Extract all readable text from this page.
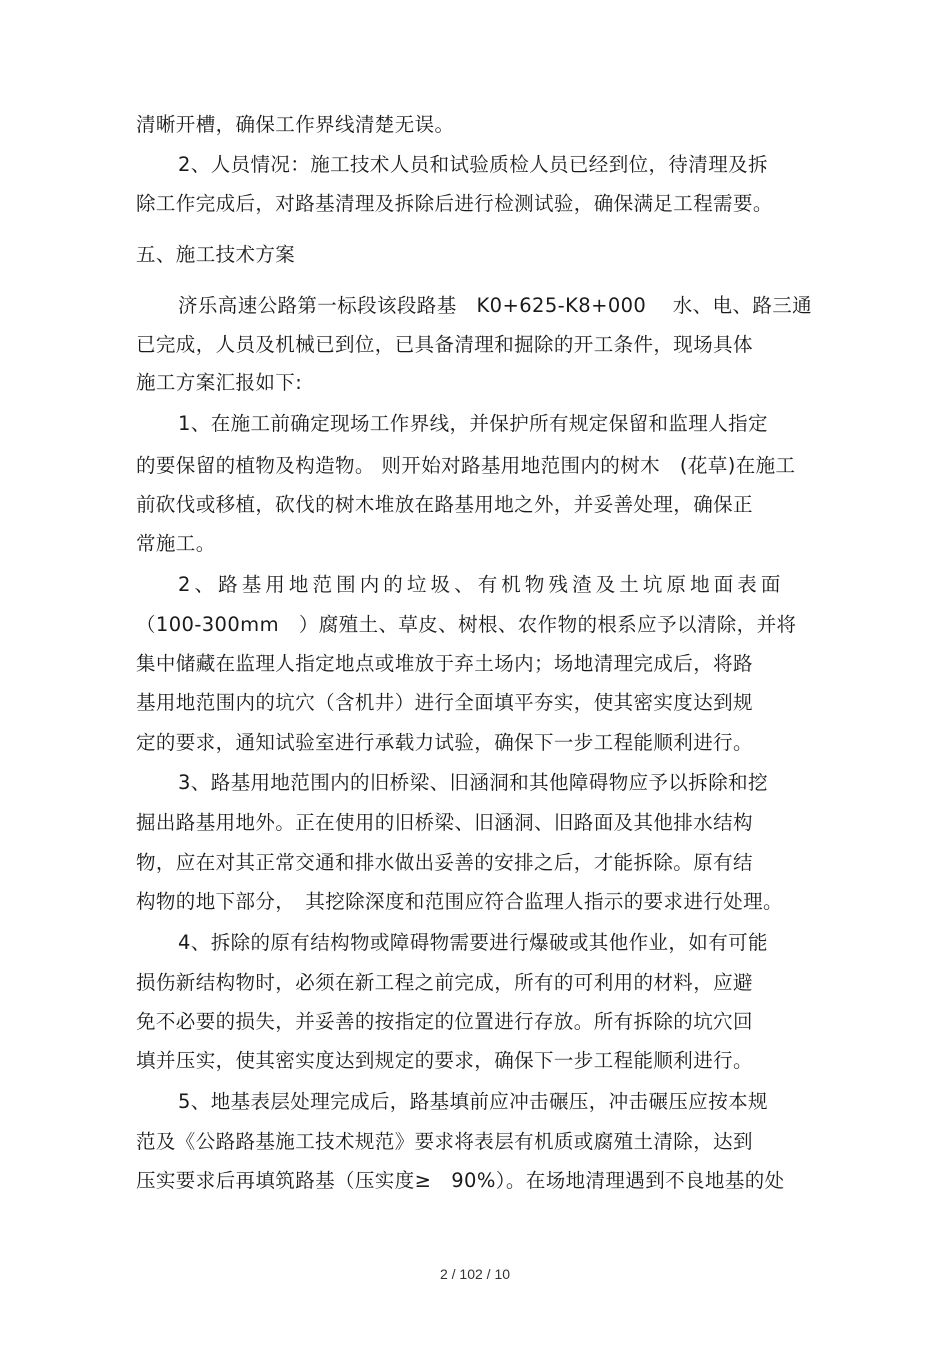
清晰开槽，确保工作界线清楚无误。
2、人员情况：施工技术人员和试验质检人员已经到位，待清理及拆
除工作完成后，对路基清理及拆除后进行检测试验，确保满足工程需要。
五、施工技术方案
济乐高速公路第一标段该段路基　K0+625-K8+000　 水、电、路三通
已完成，人员及机械已到位，已具备清理和掘除的开工条件，现场具体
施工方案汇报如下:
1、在施工前确定现场工作界线，并保护所有规定保留和监理人指定
的要保留的植物及构造物。 则开始对路基用地范围内的树木　(花草)在施工
前砍伐或移植，砍伐的树木堆放在路基用地之外，并妥善处理，确保正
常施工。
2、路基用地范围内的垃圾、有机物残渣及土坑原地面表面
（100-300mm　）腐殖土、草皮、树根、农作物的根系应予以清除，并将
集中储藏在监理人指定地点或堆放于弃土场内；场地清理完成后，将路
基用地范围内的坑穴（含机井）进行全面填平夯实，使其密实度达到规
定的要求，通知试验室进行承载力试验，确保下一步工程能顺利进行。
3、路基用地范围内的旧桥梁、旧涵洞和其他障碍物应予以拆除和挖
掘出路基用地外。正在使用的旧桥梁、旧涵洞、旧路面及其他排水结构
物，应在对其正常交通和排水做出妥善的安排之后，才能拆除。原有结
构物的地下部分，　其挖除深度和范围应符合监理人指示的要求进行处理。
4、拆除的原有结构物或障碍物需要进行爆破或其他作业，如有可能
损伤新结构物时，必须在新工程之前完成，所有的可利用的材料，应避
免不必要的损失，并妥善的按指定的位置进行存放。所有拆除的坑穴回
填并压实，使其密实度达到规定的要求，确保下一步工程能顺利进行。
5、地基表层处理完成后，路基填前应冲击碾压，冲击碾压应按本规
范及《公路路基施工技术规范》要求将表层有机质或腐殖土清除，达到
压实要求后再填筑路基（压实度≥　90%）。在场地清理遇到不良地基的处
2 / 102 / 10
